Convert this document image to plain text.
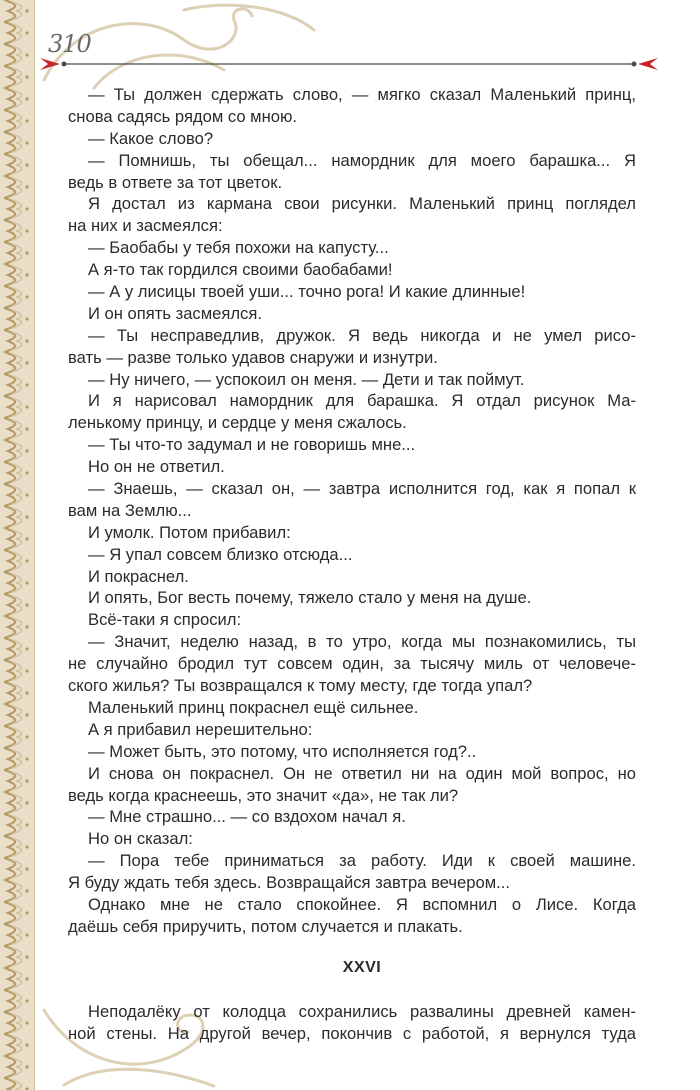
310
— Ты должен сдержать слово, — мягко сказал Маленький принц,
снова садясь рядом со мною.
— Какое слово?
— Помнишь, ты обещал... намордник для моего барашка... Я
ведь в ответе за тот цветок.
Я достал из кармана свои рисунки. Маленький принц поглядел
на них и засмеялся:
— Баобабы у тебя похожи на капусту...
А я-то так гордился своими баобабами!
— А у лисицы твоей уши... точно рога! И какие длинные!
И он опять засмеялся.
— Ты несправедлив, дружок. Я ведь никогда и не умел рисо-
вать — разве только удавов снаружи и изнутри.
— Ну ничего, — успокоил он меня. — Дети и так поймут.
И я нарисовал намордник для барашка. Я отдал рисунок Ма-
ленькому принцу, и сердце у меня сжалось.
— Ты что-то задумал и не говоришь мне...
Но он не ответил.
— Знаешь, — сказал он, — завтра исполнится год, как я попал к
вам на Землю...
И умолк. Потом прибавил:
— Я упал совсем близко отсюда...
И покраснел.
И опять, Бог весть почему, тяжело стало у меня на душе.
Всё-таки я спросил:
— Значит, неделю назад, в то утро, когда мы познакомились, ты
не случайно бродил тут совсем один, за тысячу миль от человече-
ского жилья? Ты возвращался к тому месту, где тогда упал?
Маленький принц покраснел ещё сильнее.
А я прибавил нерешительно:
— Может быть, это потому, что исполняется год?..
И снова он покраснел. Он не ответил ни на один мой вопрос, но
ведь когда краснеешь, это значит «да», не так ли?
— Мне страшно... — со вздохом начал я.
Но он сказал:
— Пора тебе приниматься за работу. Иди к своей машине.
Я буду ждать тебя здесь. Возвращайся завтра вечером...
Однако мне не стало спокойнее. Я вспомнил о Лисе. Когда
даёшь себя приручить, потом случается и плакать.
XXVI
Неподалёку от колодца сохранились развалины древней камен-
ной стены. На другой вечер, покончив с работой, я вернулся туда
